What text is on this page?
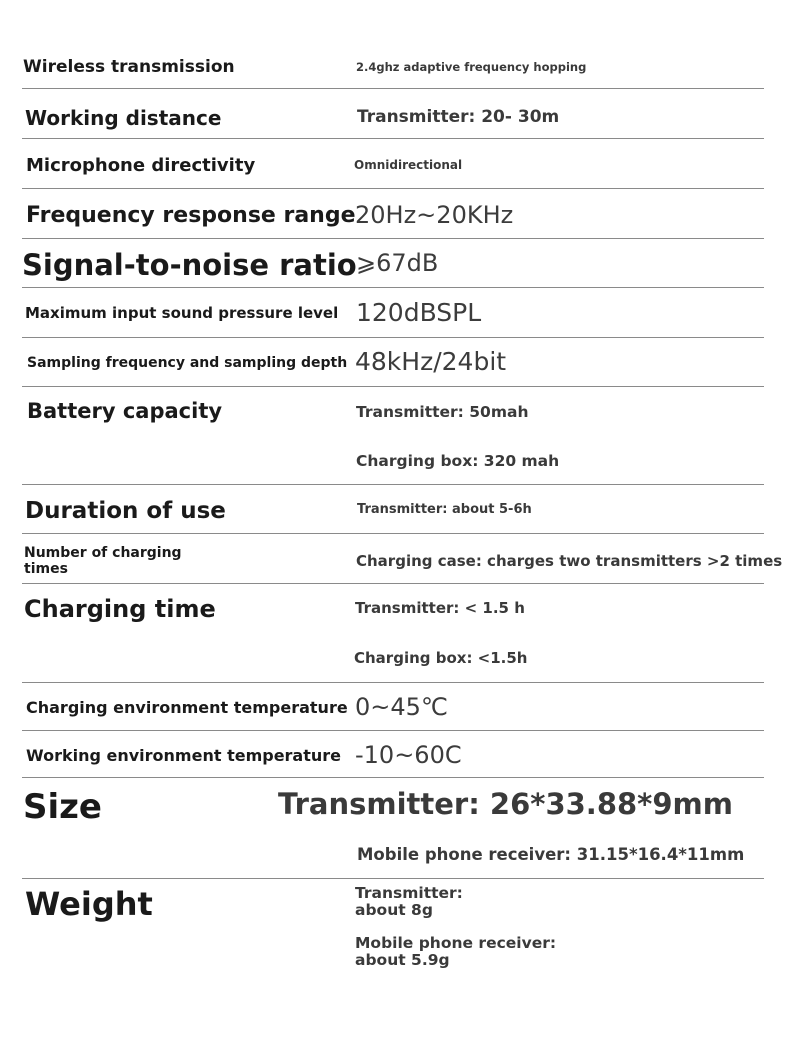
Wireless transmission	2.4ghz adaptive frequency hopping
Working distance	Transmitter: 20- 30m
Microphone directivity	Omnidirectional
Frequency response range 20Hz~20KHz
Signal-to-noise ratio ⩾67dB
Maximum input sound pressure level 120dBSPL
Sampling frequency and sampling depth 48kHz/24bit
Battery capacity	Transmitter: 50mah
Charging box: 320 mah
Duration of use	Transmitter: about 5-6h
Number of charging
times	Charging case: charges two transmitters >2 times
Charging time	Transmitter: < 1.5 h
Charging box: <1.5h
Charging environment temperature 0~45℃
Working environment temperature -10~60C
Size	Transmitter: 26*33.88*9mm
Mobile phone receiver: 31.15*16.4*11mm
Weight	Transmitter:
about 8g
Mobile phone receiver:
about 5.9g
